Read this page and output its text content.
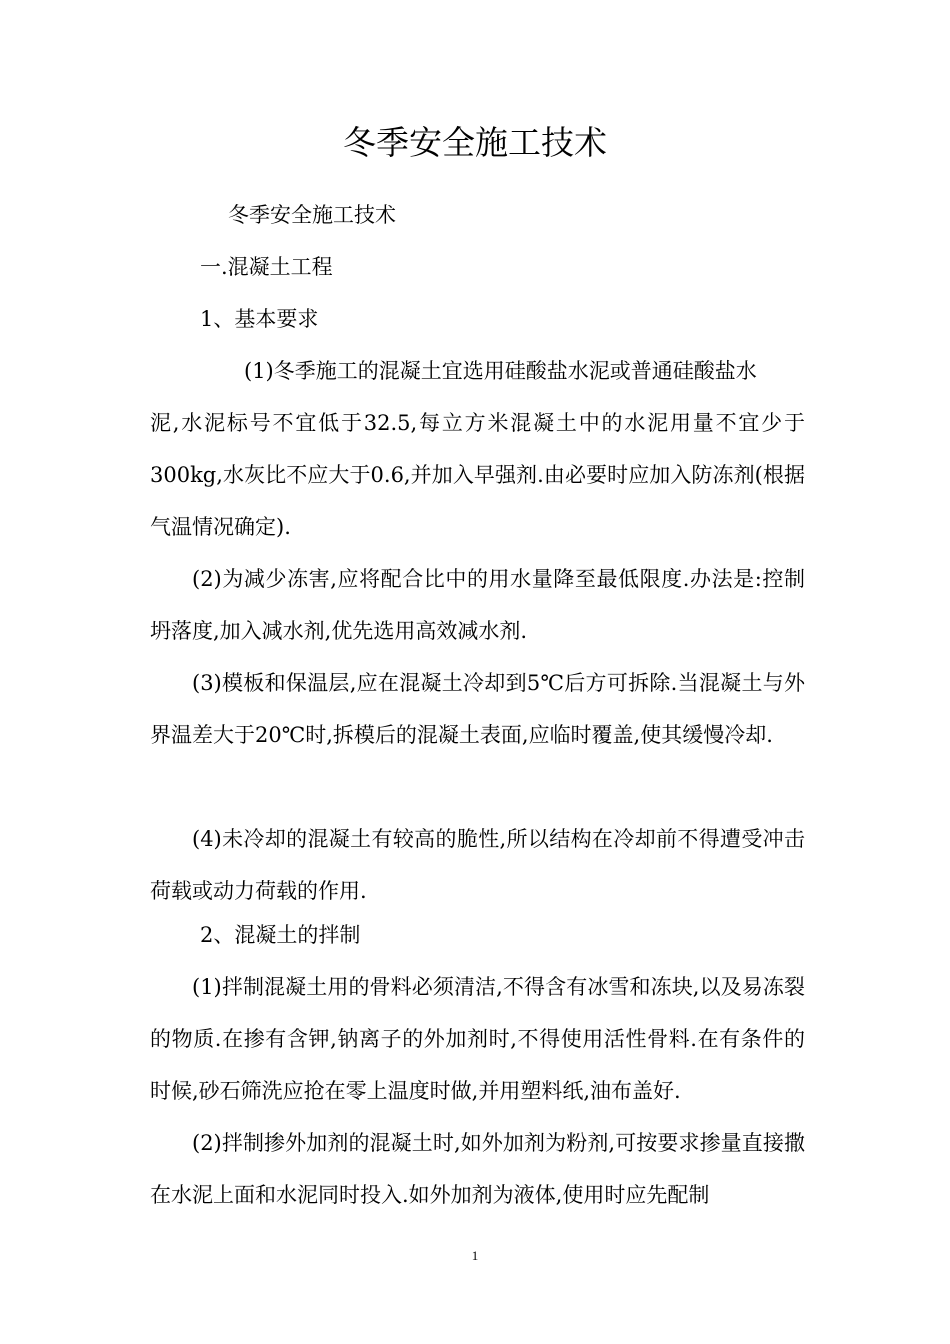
冬季安全施工技术
冬季安全施工技术
一.混凝土工程
1、基本要求
(1)冬季施工的混凝土宜选用硅酸盐水泥或普通硅酸盐水

泥,水泥标号不宜低于32.5,每立方米混凝土中的水泥用量不宜少于300kg,水灰比不应大于0.6,并加入早强剂.由必要时应加入防冻剂(根据气温情况确定).

(2)为减少冻害,应将配合比中的用水量降至最低限度.办法是:控制坍落度,加入减水剂,优先选用高效减水剂.

(3)模板和保温层,应在混凝土冷却到5℃后方可拆除.当混凝土与外界温差大于20℃时,拆模后的混凝土表面,应临时覆盖,使其缓慢冷却.

(4)未冷却的混凝土有较高的脆性,所以结构在冷却前不得遭受冲击荷载或动力荷载的作用.

2、混凝土的拌制

(1)拌制混凝土用的骨料必须清洁,不得含有冰雪和冻块,以及易冻裂的物质.在掺有含钾,钠离子的外加剂时,不得使用活性骨料.在有条件的时候,砂石筛洗应抢在零上温度时做,并用塑料纸,油布盖好.

(2)拌制掺外加剂的混凝土时,如外加剂为粉剂,可按要求掺量直接撒在水泥上面和水泥同时投入.如外加剂为液体,使用时应先配制

1
